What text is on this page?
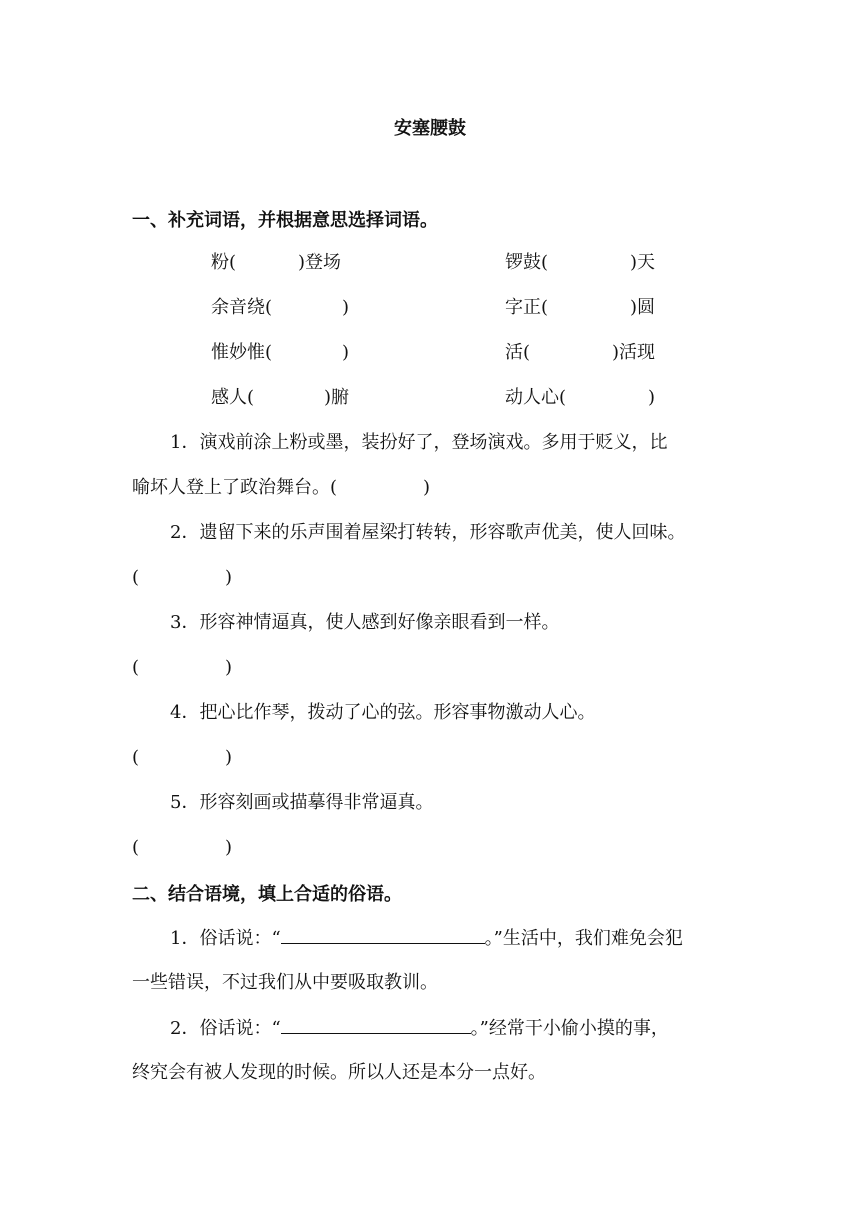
安塞腰鼓
一、补充词语，并根据意思选择词语。
粉(	)登场	锣鼓(	)天
余音绕(	)	字正(	)圆
惟妙惟(	)	活(	)活现
感人(	)腑	动人心(	)
1．演戏前涂上粉或墨，装扮好了，登场演戏。多用于贬义，比
喻坏人登上了政治舞台。(	)
2．遗留下来的乐声围着屋梁打转转，形容歌声优美，使人回味。
(	)
3．形容神情逼真，使人感到好像亲眼看到一样。
(	)
4．把心比作琴，拨动了心的弦。形容事物激动人心。
(	)
5．形容刻画或描摹得非常逼真。
(	)
二、结合语境，填上合适的俗语。
1．俗话说：“	。”生活中，我们难免会犯
一些错误，不过我们从中要吸取教训。
2．俗话说：“	。”经常干小偷小摸的事，
终究会有被人发现的时候。所以人还是本分一点好。
